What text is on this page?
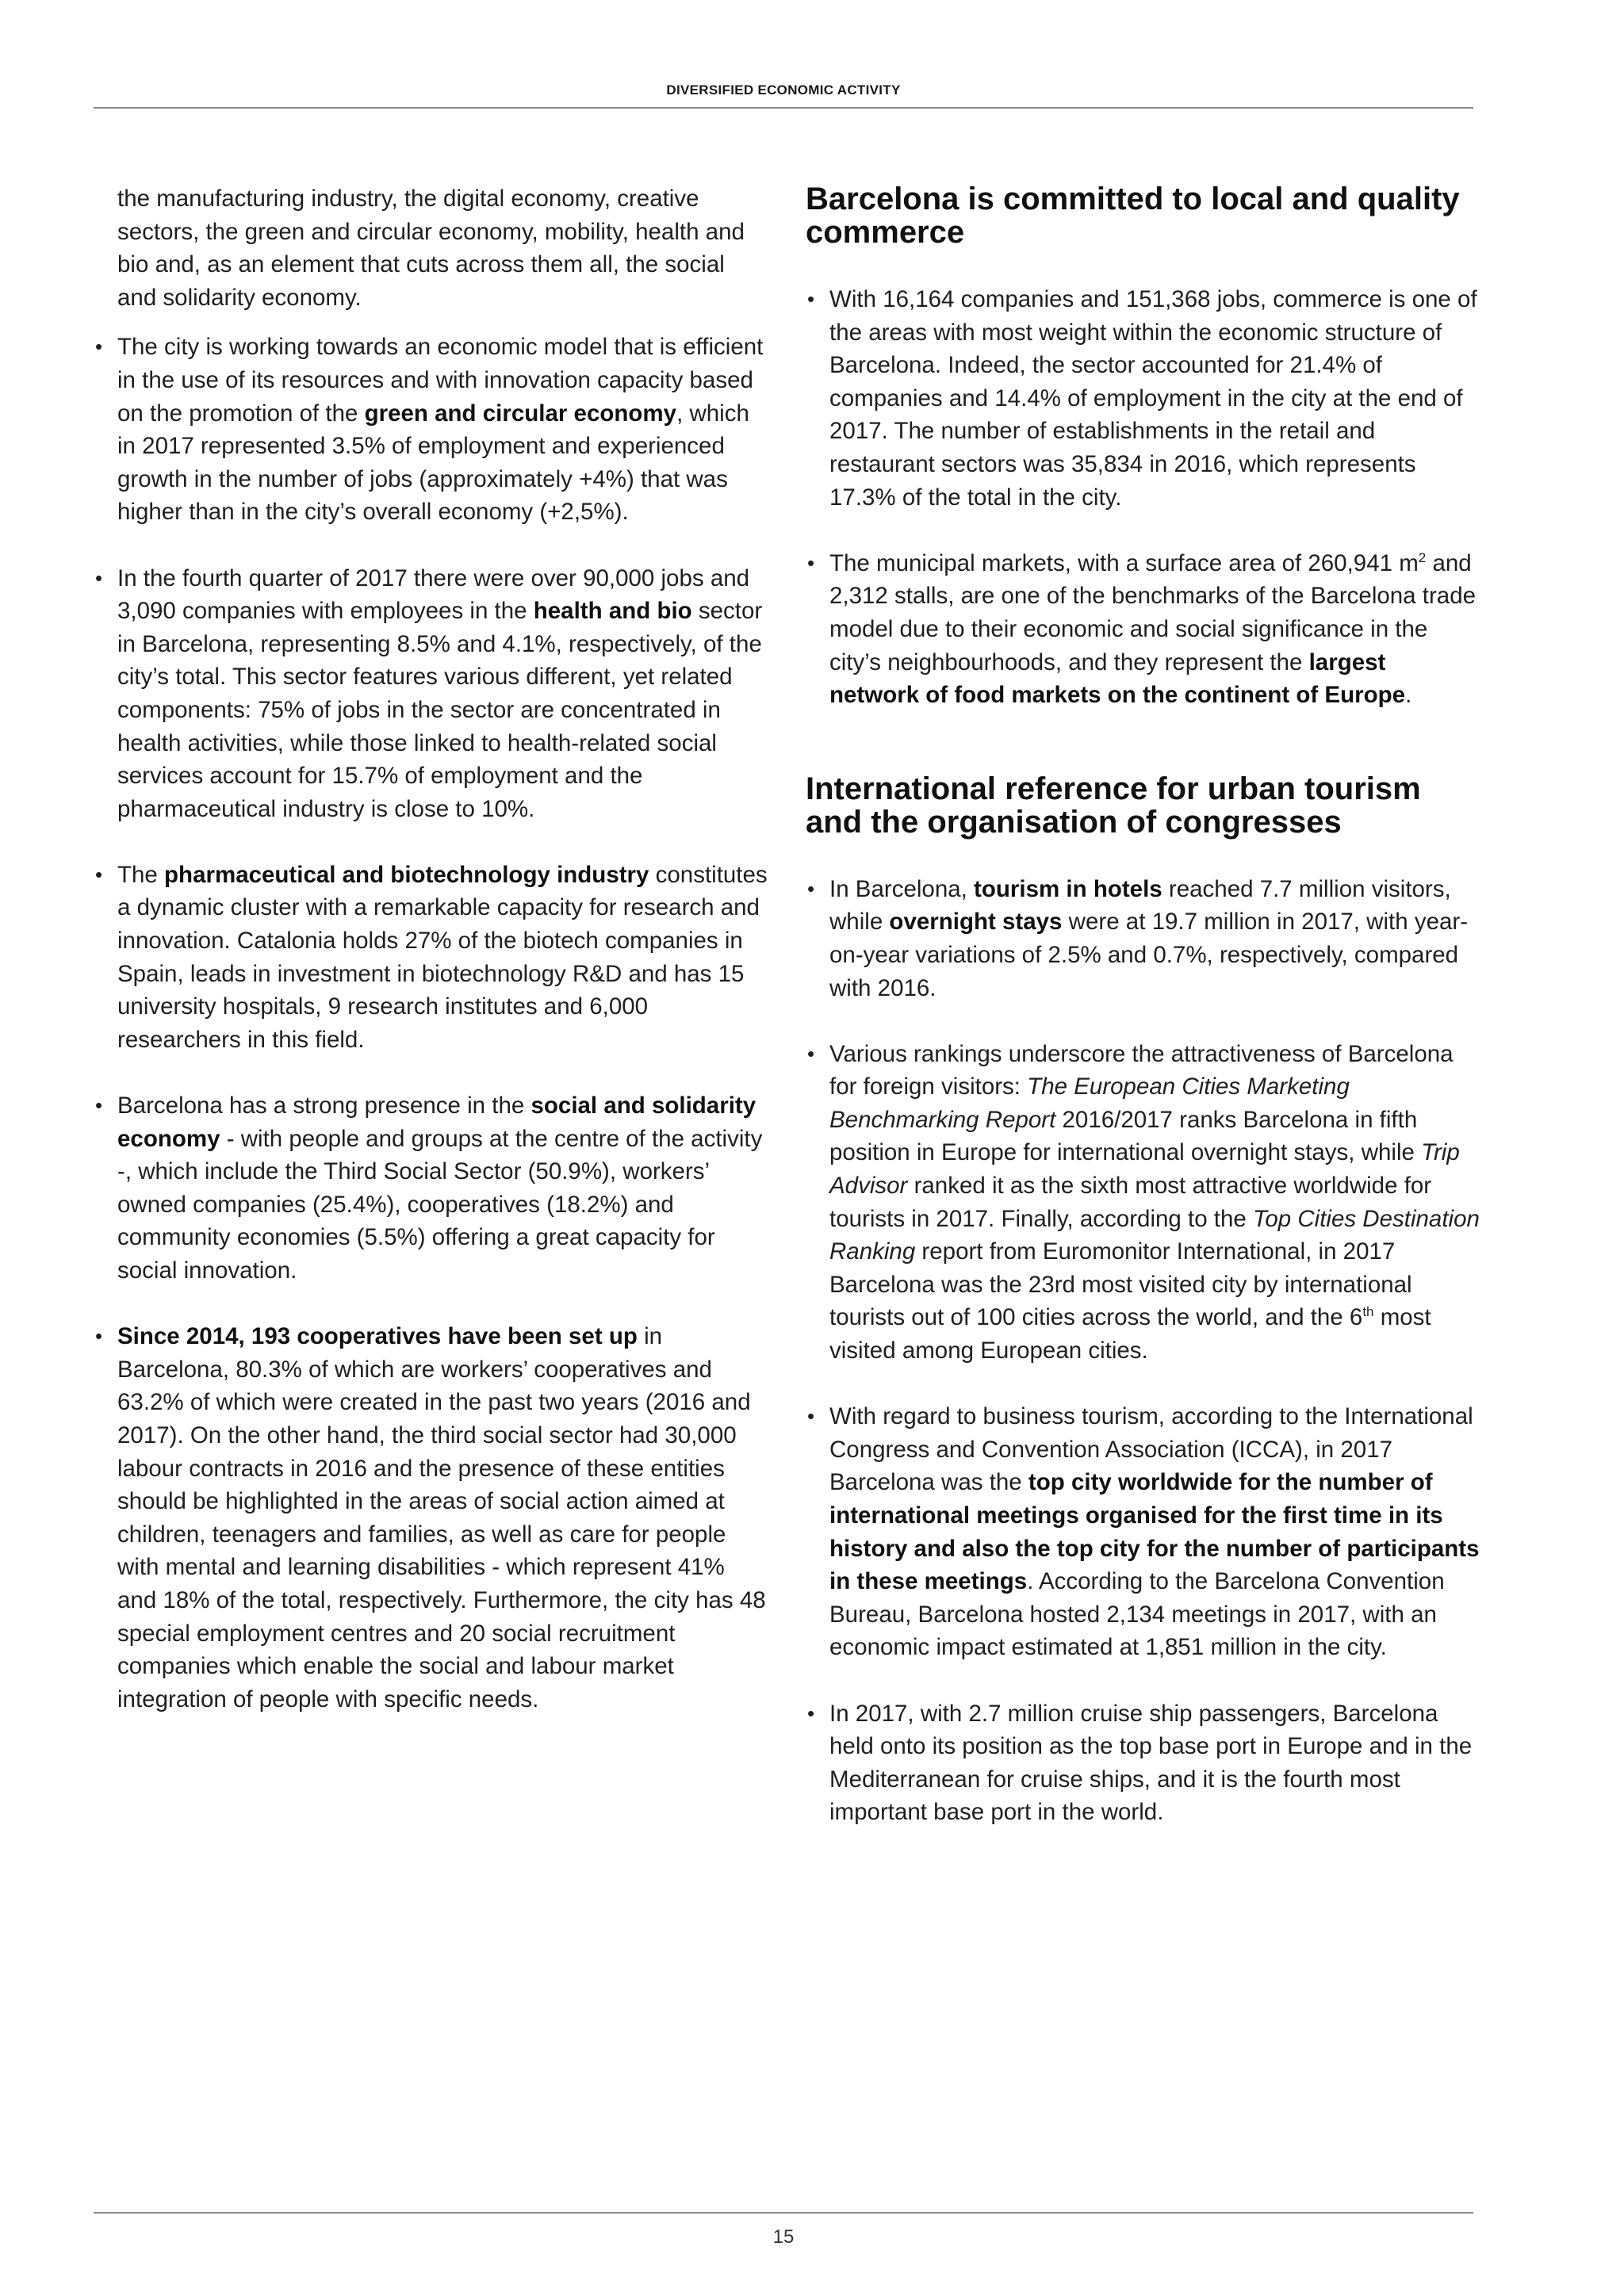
DIVERSIFIED ECONOMIC ACTIVITY

the manufacturing industry, the digital economy, creative sectors, the green and circular economy, mobility, health and bio and, as an element that cuts across them all, the social and solidarity economy.

• The city is working towards an economic model that is efficient in the use of its resources and with innovation capacity based on the promotion of the green and circular economy, which in 2017 represented 3.5% of employment and experienced growth in the number of jobs (approximately +4%) that was higher than in the city’s overall economy (+2,5%).
• In the fourth quarter of 2017 there were over 90,000 jobs and 3,090 companies with employees in the health and bio sector in Barcelona, representing 8.5% and 4.1%, respectively, of the city’s total. This sector features various different, yet related components: 75% of jobs in the sector are concentrated in health activities, while those linked to health-related social services account for 15.7% of employment and the pharmaceutical industry is close to 10%.
• The pharmaceutical and biotechnology industry constitutes a dynamic cluster with a remarkable capacity for research and innovation. Catalonia holds 27% of the biotech companies in Spain, leads in investment in biotechnology R&D and has 15 university hospitals, 9 research institutes and 6,000 researchers in this field.
• Barcelona has a strong presence in the social and solidarity economy - with people and groups at the centre of the activity -, which include the Third Social Sector (50.9%), workers’ owned companies (25.4%), cooperatives (18.2%) and community economies (5.5%) offering a great capacity for social innovation.
• Since 2014, 193 cooperatives have been set up in Barcelona, 80.3% of which are workers’ cooperatives and 63.2% of which were created in the past two years (2016 and 2017). On the other hand, the third social sector had 30,000 labour contracts in 2016 and the presence of these entities should be highlighted in the areas of social action aimed at children, teenagers and families, as well as care for people with mental and learning disabilities - which represent 41% and 18% of the total, respectively. Furthermore, the city has 48 special employment centres and 20 social recruitment companies which enable the social and labour market integration of people with specific needs.
Barcelona is committed to local and quality commerce
• With 16,164 companies and 151,368 jobs, commerce is one of the areas with most weight within the economic structure of Barcelona. Indeed, the sector accounted for 21.4% of companies and 14.4% of employment in the city at the end of 2017. The number of establishments in the retail and restaurant sectors was 35,834 in 2016, which represents 17.3% of the total in the city.
• The municipal markets, with a surface area of 260,941 $m^2$ and 2,312 stalls, are one of the benchmarks of the Barcelona trade model due to their economic and social significance in the city’s neighbourhoods, and they represent the largest network of food markets on the continent of Europe.
International reference for urban tourism and the organisation of congresses
• In Barcelona, tourism in hotels reached 7.7 million visitors, while overnight stays were at 19.7 million in 2017, with year-on-year variations of 2.5% and 0.7%, respectively, compared with 2016.
• Various rankings underscore the attractiveness of Barcelona for foreign visitors: The European Cities Marketing Benchmarking Report 2016/2017 ranks Barcelona in fifth position in Europe for international overnight stays, while Trip Advisor ranked it as the sixth most attractive worldwide for tourists in 2017. Finally, according to the Top Cities Destination Ranking report from Euromonitor International, in 2017 Barcelona was the 23rd most visited city by international tourists out of 100 cities across the world, and the 6th most visited among European cities.
• With regard to business tourism, according to the International Congress and Convention Association (ICCA), in 2017 Barcelona was the top city worldwide for the number of international meetings organised for the first time in its history and also the top city for the number of participants in these meetings. According to the Barcelona Convention Bureau, Barcelona hosted 2,134 meetings in 2017, with an economic impact estimated at 1,851 million in the city.
• In 2017, with 2.7 million cruise ship passengers, Barcelona held onto its position as the top base port in Europe and in the Mediterranean for cruise ships, and it is the fourth most important base port in the world.
15
